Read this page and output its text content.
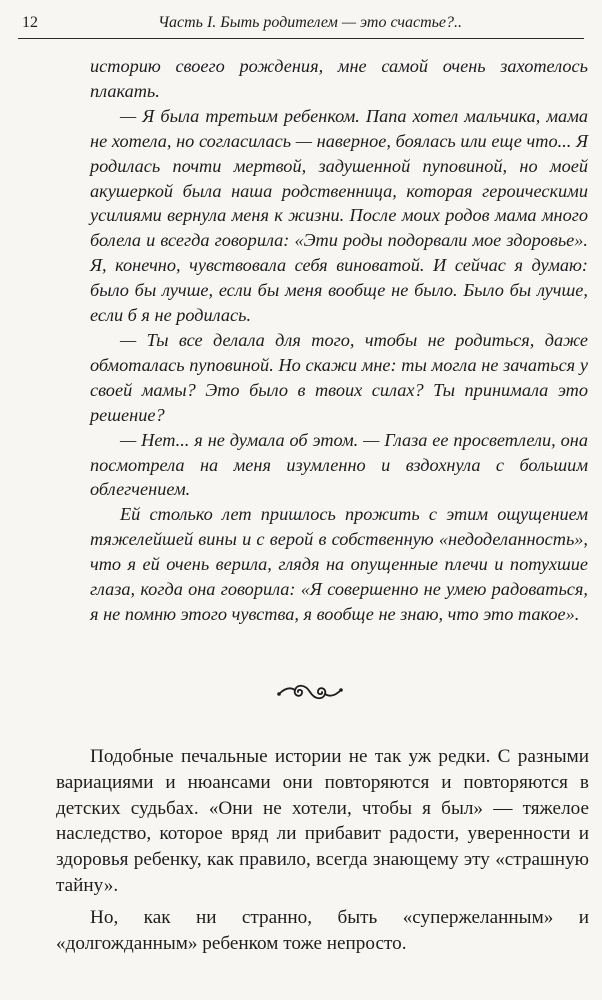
12	Часть I. Быть родителем — это счастье?..

историю своего рождения, мне самой очень захотелось плакать.

— Я была третьим ребенком. Папа хотел мальчика, мама не хотела, но согласилась — наверное, боялась или еще что... Я родилась почти мертвой, задушенной пуповиной, но моей акушеркой была наша родственница, которая героическими усилиями вернула меня к жизни. После моих родов мама много болела и всегда говорила: «Эти роды подорвали мое здоровье». Я, конечно, чувствовала себя виноватой. И сейчас я думаю: было бы лучше, если бы меня вообще не было. Было бы лучше, если б я не родилась.

— Ты все делала для того, чтобы не родиться, даже обмоталась пуповиной. Но скажи мне: ты могла не зачаться у своей мамы? Это было в твоих силах? Ты принимала это решение?

— Нет... я не думала об этом. — Глаза ее просветлели, она посмотрела на меня изумленно и вздохнула с большим облегчением.

Ей столько лет пришлось прожить с этим ощущением тяжелейшей вины и с верой в собственную «недоделанность», что я ей очень верила, глядя на опущенные плечи и потухшие глаза, когда она говорила: «Я совершенно не умею радоваться, я не помню этого чувства, я вообще не знаю, что это такое».

Подобные печальные истории не так уж редки. С разными вариациями и нюансами они повторяются и повторяются в детских судьбах. «Они не хотели, чтобы я был» — тяжелое наследство, которое вряд ли прибавит радости, уверенности и здоровья ребенку, как правило, всегда знающему эту «страшную тайну».

Но, как ни странно, быть «супержеланным» и «долгожданным» ребенком тоже непросто.
